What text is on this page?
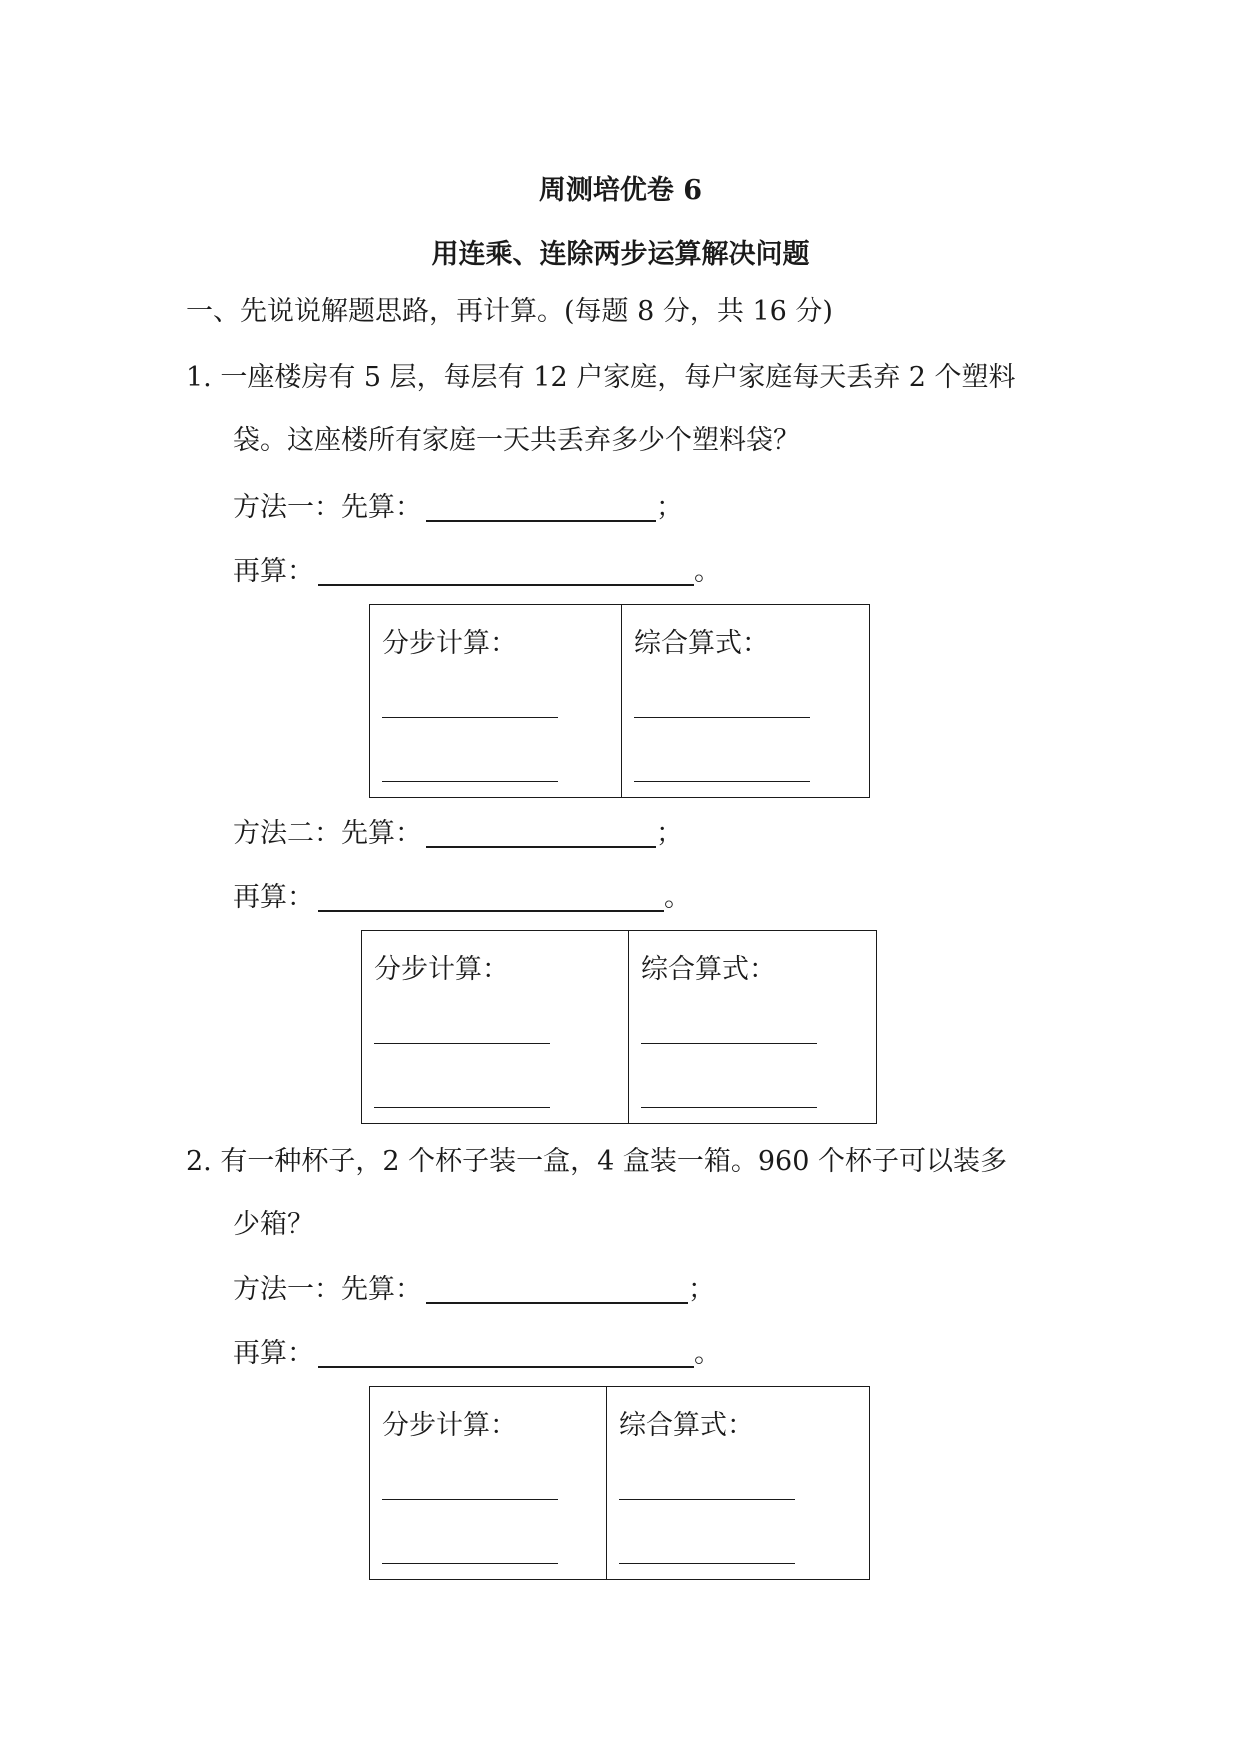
周测培优卷 6
用连乘、连除两步运算解决问题
一、先说说解题思路，再计算。(每题 8 分，共 16 分)
1. 一座楼房有 5 层，每层有 12 户家庭，每户家庭每天丢弃 2 个塑料
袋。这座楼所有家庭一天共丢弃多少个塑料袋？
方法一：先算：	；
再算：	。
分步计算：	综合算式：
方法二：先算：	；
再算：	。
分步计算：	综合算式：
2. 有一种杯子，2 个杯子装一盒，4 盒装一箱。960 个杯子可以装多
少箱？
方法一：先算：	；
再算：	。
分步计算：	综合算式：
